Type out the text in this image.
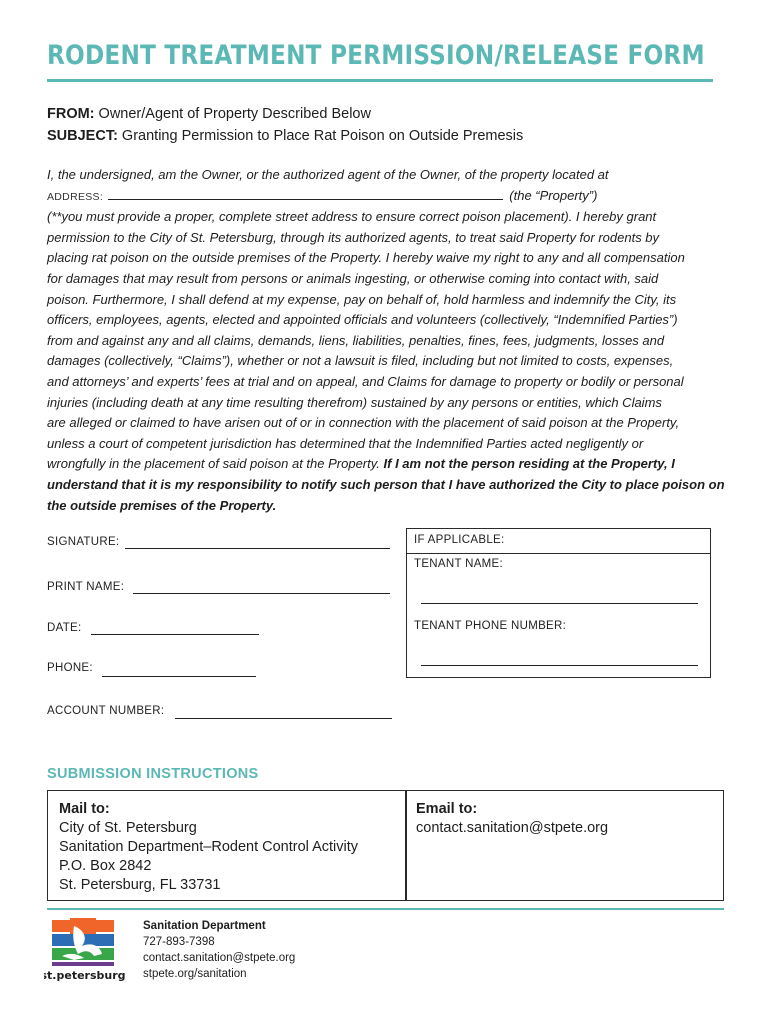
RODENT TREATMENT PERMISSION/RELEASE FORM
FROM: Owner/Agent of Property Described Below
SUBJECT: Granting Permission to Place Rat Poison on Outside Premesis
I, the undersigned, am the Owner, or the authorized agent of the Owner, of the property located at
ADDRESS:	(the “Property”)
(**you must provide a proper, complete street address to ensure correct poison placement). I hereby grant
permission to the City of St. Petersburg, through its authorized agents, to treat said Property for rodents by
placing rat poison on the outside premises of the Property. I hereby waive my right to any and all compensation
for damages that may result from persons or animals ingesting, or otherwise coming into contact with, said
poison. Furthermore, I shall defend at my expense, pay on behalf of, hold harmless and indemnify the City, its
officers, employees, agents, elected and appointed officials and volunteers (collectively, “Indemnified Parties”)
from and against any and all claims, demands, liens, liabilities, penalties, fines, fees, judgments, losses and
damages (collectively, “Claims”), whether or not a lawsuit is filed, including but not limited to costs, expenses,
and attorneys’ and experts’ fees at trial and on appeal, and Claims for damage to property or bodily or personal
injuries (including death at any time resulting therefrom) sustained by any persons or entities, which Claims
are alleged or claimed to have arisen out of or in connection with the placement of said poison at the Property,
unless a court of competent jurisdiction has determined that the Indemnified Parties acted negligently or
wrongfully in the placement of said poison at the Property. If I am not the person residing at the Property, I
understand that it is my responsibility to notify such person that I have authorized the City to place poison on
the outside premises of the Property.
SIGNATURE:
PRINT NAME:
DATE:
PHONE:
ACCOUNT NUMBER:
IF APPLICABLE:
TENANT NAME:
TENANT PHONE NUMBER:
SUBMISSION INSTRUCTIONS
Mail to:
City of St. Petersburg
Sanitation Department–Rodent Control Activity
P.O. Box 2842
St. Petersburg, FL 33731
Email to:
contact.sanitation@stpete.org
st.petersburg
Sanitation Department
727-893-7398
contact.sanitation@stpete.org
stpete.org/sanitation
